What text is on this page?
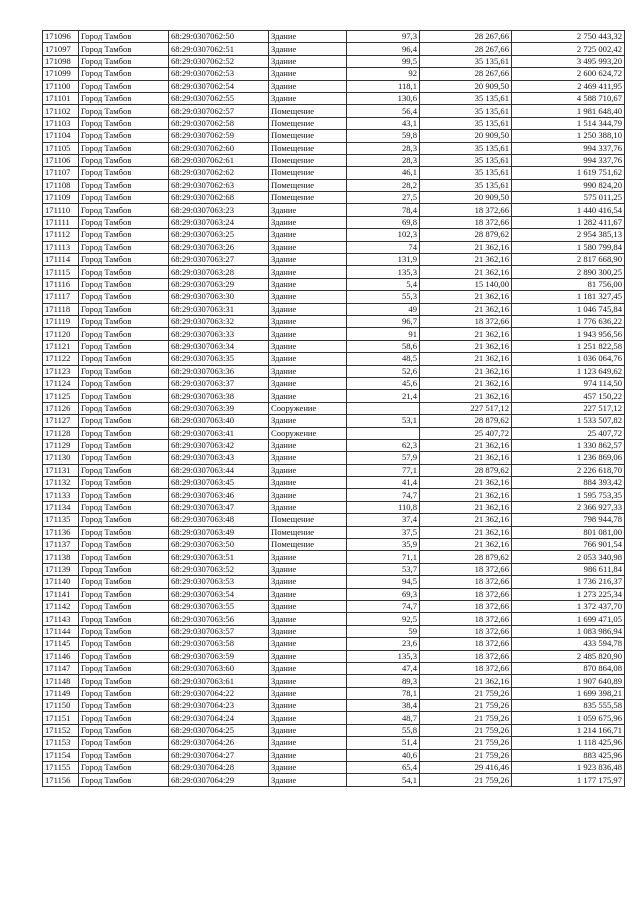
171096	Город Тамбов	68:29:0307062:50	Здание	97,3	28 267,66	2 750 443,32
171097	Город Тамбов	68:29:0307062:51	Здание	96,4	28 267,66	2 725 002,42
171098	Город Тамбов	68:29:0307062:52	Здание	99,5	35 135,61	3 495 993,20
171099	Город Тамбов	68:29:0307062:53	Здание	92	28 267,66	2 600 624,72
171100	Город Тамбов	68:29:0307062:54	Здание	118,1	20 909,50	2 469 411,95
171101	Город Тамбов	68:29:0307062:55	Здание	130,6	35 135,61	4 588 710,67
171102	Город Тамбов	68:29:0307062:57	Помещение	56,4	35 135,61	1 981 648,40
171103	Город Тамбов	68:29:0307062:58	Помещение	43,1	35 135,61	1 514 344,79
171104	Город Тамбов	68:29:0307062:59	Помещение	59,8	20 909,50	1 250 388,10
171105	Город Тамбов	68:29:0307062:60	Помещение	28,3	35 135,61	994 337,76
171106	Город Тамбов	68:29:0307062:61	Помещение	28,3	35 135,61	994 337,76
171107	Город Тамбов	68:29:0307062:62	Помещение	46,1	35 135,61	1 619 751,62
171108	Город Тамбов	68:29:0307062:63	Помещение	28,2	35 135,61	990 824,20
171109	Город Тамбов	68:29:0307062:68	Помещение	27,5	20 909,50	575 011,25
171110	Город Тамбов	68:29:0307063:23	Здание	78,4	18 372,66	1 440 416,54
171111	Город Тамбов	68:29:0307063:24	Здание	69,8	18 372,66	1 282 411,67
171112	Город Тамбов	68:29:0307063:25	Здание	102,3	28 879,62	2 954 385,13
171113	Город Тамбов	68:29:0307063:26	Здание	74	21 362,16	1 580 799,84
171114	Город Тамбов	68:29:0307063:27	Здание	131,9	21 362,16	2 817 668,90
171115	Город Тамбов	68:29:0307063:28	Здание	135,3	21 362,16	2 890 300,25
171116	Город Тамбов	68:29:0307063:29	Здание	5,4	15 140,00	81 756,00
171117	Город Тамбов	68:29:0307063:30	Здание	55,3	21 362,16	1 181 327,45
171118	Город Тамбов	68:29:0307063:31	Здание	49	21 362,16	1 046 745,84
171119	Город Тамбов	68:29:0307063:32	Здание	96,7	18 372,66	1 776 636,22
171120	Город Тамбов	68:29:0307063:33	Здание	91	21 362,16	1 943 956,56
171121	Город Тамбов	68:29:0307063:34	Здание	58,6	21 362,16	1 251 822,58
171122	Город Тамбов	68:29:0307063:35	Здание	48,5	21 362,16	1 036 064,76
171123	Город Тамбов	68:29:0307063:36	Здание	52,6	21 362,16	1 123 649,62
171124	Город Тамбов	68:29:0307063:37	Здание	45,6	21 362,16	974 114,50
171125	Город Тамбов	68:29:0307063:38	Здание	21,4	21 362,16	457 150,22
171126	Город Тамбов	68:29:0307063:39	Сооружение		227 517,12	227 517,12
171127	Город Тамбов	68:29:0307063:40	Здание	53,1	28 879,62	1 533 507,82
171128	Город Тамбов	68:29:0307063:41	Сооружение		25 407,72	25 407,72
171129	Город Тамбов	68:29:0307063:42	Здание	62,3	21 362,16	1 330 862,57
171130	Город Тамбов	68:29:0307063:43	Здание	57,9	21 362,16	1 236 869,06
171131	Город Тамбов	68:29:0307063:44	Здание	77,1	28 879,62	2 226 618,70
171132	Город Тамбов	68:29:0307063:45	Здание	41,4	21 362,16	884 393,42
171133	Город Тамбов	68:29:0307063:46	Здание	74,7	21 362,16	1 595 753,35
171134	Город Тамбов	68:29:0307063:47	Здание	110,8	21 362,16	2 366 927,33
171135	Город Тамбов	68:29:0307063:48	Помещение	37,4	21 362,16	798 944,78
171136	Город Тамбов	68:29:0307063:49	Помещение	37,5	21 362,16	801 081,00
171137	Город Тамбов	68:29:0307063:50	Помещение	35,9	21 362,16	766 901,54
171138	Город Тамбов	68:29:0307063:51	Здание	71,1	28 879,62	2 053 340,98
171139	Город Тамбов	68:29:0307063:52	Здание	53,7	18 372,66	986 611,84
171140	Город Тамбов	68:29:0307063:53	Здание	94,5	18 372,66	1 736 216,37
171141	Город Тамбов	68:29:0307063:54	Здание	69,3	18 372,66	1 273 225,34
171142	Город Тамбов	68:29:0307063:55	Здание	74,7	18 372,66	1 372 437,70
171143	Город Тамбов	68:29:0307063:56	Здание	92,5	18 372,66	1 699 471,05
171144	Город Тамбов	68:29:0307063:57	Здание	59	18 372,66	1 083 986,94
171145	Город Тамбов	68:29:0307063:58	Здание	23,6	18 372,66	433 594,78
171146	Город Тамбов	68:29:0307063:59	Здание	135,3	18 372,66	2 485 820,90
171147	Город Тамбов	68:29:0307063:60	Здание	47,4	18 372,66	870 864,08
171148	Город Тамбов	68:29:0307063:61	Здание	89,3	21 362,16	1 907 640,89
171149	Город Тамбов	68:29:0307064:22	Здание	78,1	21 759,26	1 699 398,21
171150	Город Тамбов	68:29:0307064:23	Здание	38,4	21 759,26	835 555,58
171151	Город Тамбов	68:29:0307064:24	Здание	48,7	21 759,26	1 059 675,96
171152	Город Тамбов	68:29:0307064:25	Здание	55,8	21 759,26	1 214 166,71
171153	Город Тамбов	68:29:0307064:26	Здание	51,4	21 759,26	1 118 425,96
171154	Город Тамбов	68:29:0307064:27	Здание	40,6	21 759,26	883 425,96
171155	Город Тамбов	68:29:0307064:28	Здание	65,4	29 416,46	1 923 836,48
171156	Город Тамбов	68:29:0307064:29	Здание	54,1	21 759,26	1 177 175,97
